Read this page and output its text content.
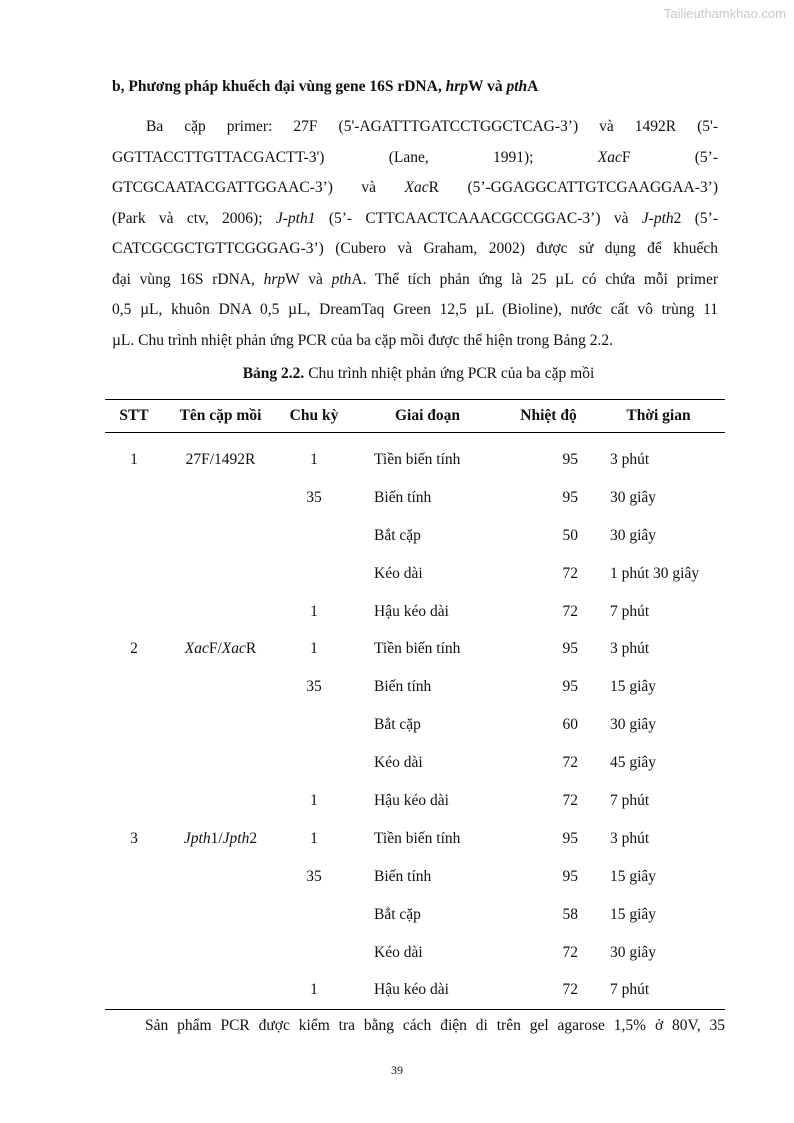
Tailieuthamkhao.com
b, Phương pháp khuếch đại vùng gene 16S rDNA, hrpW và pthA
Ba cặp primer: 27F (5'-AGATTTGATCCTGGCTCAG-3’) và 1492R (5'-
GGTTACCTTGTTACGACTT-3')	(Lane,	1991);	XacF	(5’-
GTCGCAATACGATTGGAAC-3’) và XacR (5’-GGAGGCATTGTCGAAGGAA-3’)
(Park và ctv, 2006); J-pth1 (5’- CTTCAACTCAAACGCCGGAC-3’) và J-pth2 (5’-
CATCGCGCTGTTCGGGAG-3’) (Cubero và Graham, 2002) được sử dụng để khuếch
đại vùng 16S rDNA, hrpW và pthA. Thể tích phản ứng là 25 µL có chứa mỗi primer
0,5 µL, khuôn DNA 0,5 µL, DreamTaq Green 12,5 µL (Bioline), nước cất vô trùng 11
µL. Chu trình nhiệt phản ứng PCR của ba cặp mồi được thể hiện trong Bảng 2.2.
Bảng 2.2. Chu trình nhiệt phản ứng PCR của ba cặp mồi
STT	Tên cặp mồi	Chu kỳ	Giai đoạn	Nhiệt độ	Thời gian
1	27F/1492R	1	Tiền biến tính	95	3 phút
		35	Biến tính	95	30 giây
			Bắt cặp	50	30 giây
			Kéo dài	72	1 phút 30 giây
		1	Hậu kéo dài	72	7 phút
2	XacF/XacR	1	Tiền biến tính	95	3 phút
		35	Biến tính	95	15 giây
			Bắt cặp	60	30 giây
			Kéo dài	72	45 giây
		1	Hậu kéo dài	72	7 phút
3	Jpth1/Jpth2	1	Tiền biến tính	95	3 phút
		35	Biến tính	95	15 giây
			Bắt cặp	58	15 giây
			Kéo dài	72	30 giây
		1	Hậu kéo dài	72	7 phút
Sản phẩm PCR được kiểm tra bằng cách điện di trên gel agarose 1,5% ở 80V, 35
39
